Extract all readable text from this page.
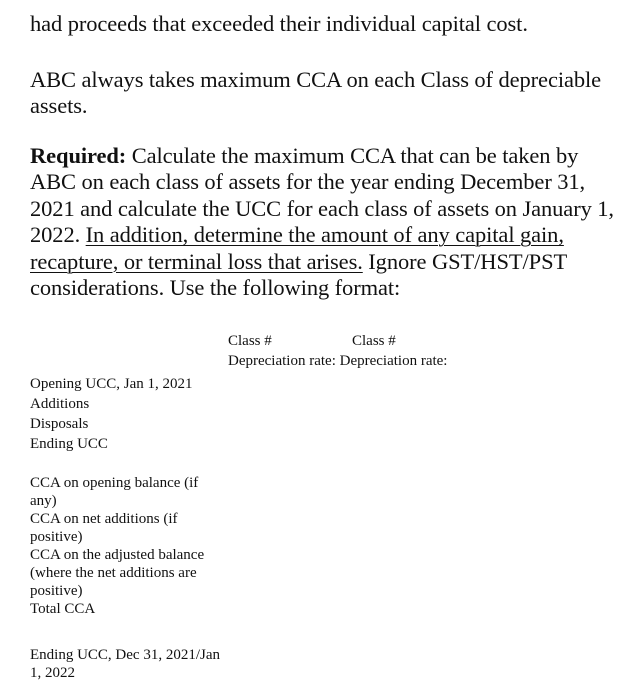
had proceeds that exceeded their individual capital cost.

ABC always takes maximum CCA on each Class of depreciable assets.

Required: Calculate the maximum CCA that can be taken by ABC on each class of assets for the year ending December 31, 2021 and calculate the UCC for each class of assets on January 1, 2022. In addition, determine the amount of any capital gain, recapture, or terminal loss that arises. Ignore GST/HST/PST considerations. Use the following format:

Class #	Class #
Depreciation rate: Depreciation rate:
Opening UCC, Jan 1, 2021
Additions
Disposals
Ending UCC
CCA on opening balance (if any)
CCA on net additions (if positive)
CCA on the adjusted balance (where the net additions are positive)
Total CCA
Ending UCC, Dec 31, 2021/Jan 1, 2022
